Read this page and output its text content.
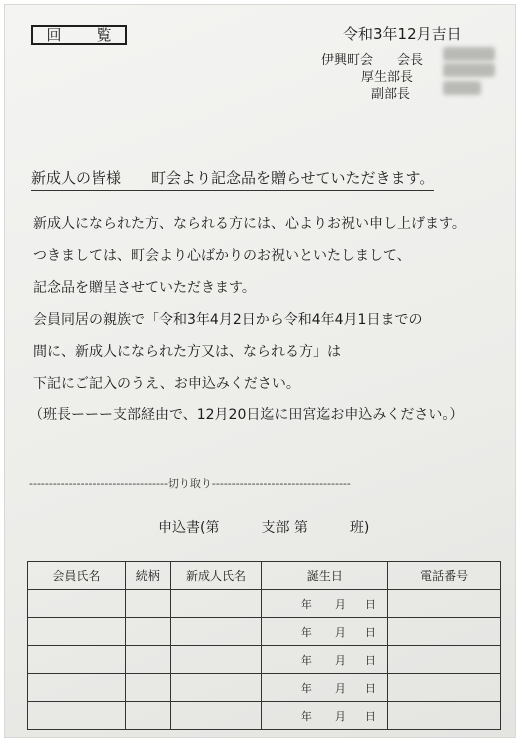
回　覧	令和3年12月吉日
伊興町会 会長
厚生部長
副部長
新成人の皆様　　町会より記念品を贈らせていただきます。
新成人になられた方、なられる方には、心よりお祝い申し上げます。
つきましては、町会より心ばかりのお祝いといたしまして、
記念品を贈呈させていただきます。
会員同居の親族で「令和3年4月2日から令和4年4月1日までの
間に、新成人になられた方又は、なられる方」は
下記にご記入のうえ、お申込みください。
（班長ーーー支部経由で、12月20日迄に田宮迄お申込みください。）
-----------------------------------切り取り-----------------------------------
申込書(第　　　支部 第　　　班)
会員氏名	続柄	新成人氏名	誕生日	電話番号
			年 月 日	
			年 月 日	
			年 月 日	
			年 月 日	
			年 月 日	
